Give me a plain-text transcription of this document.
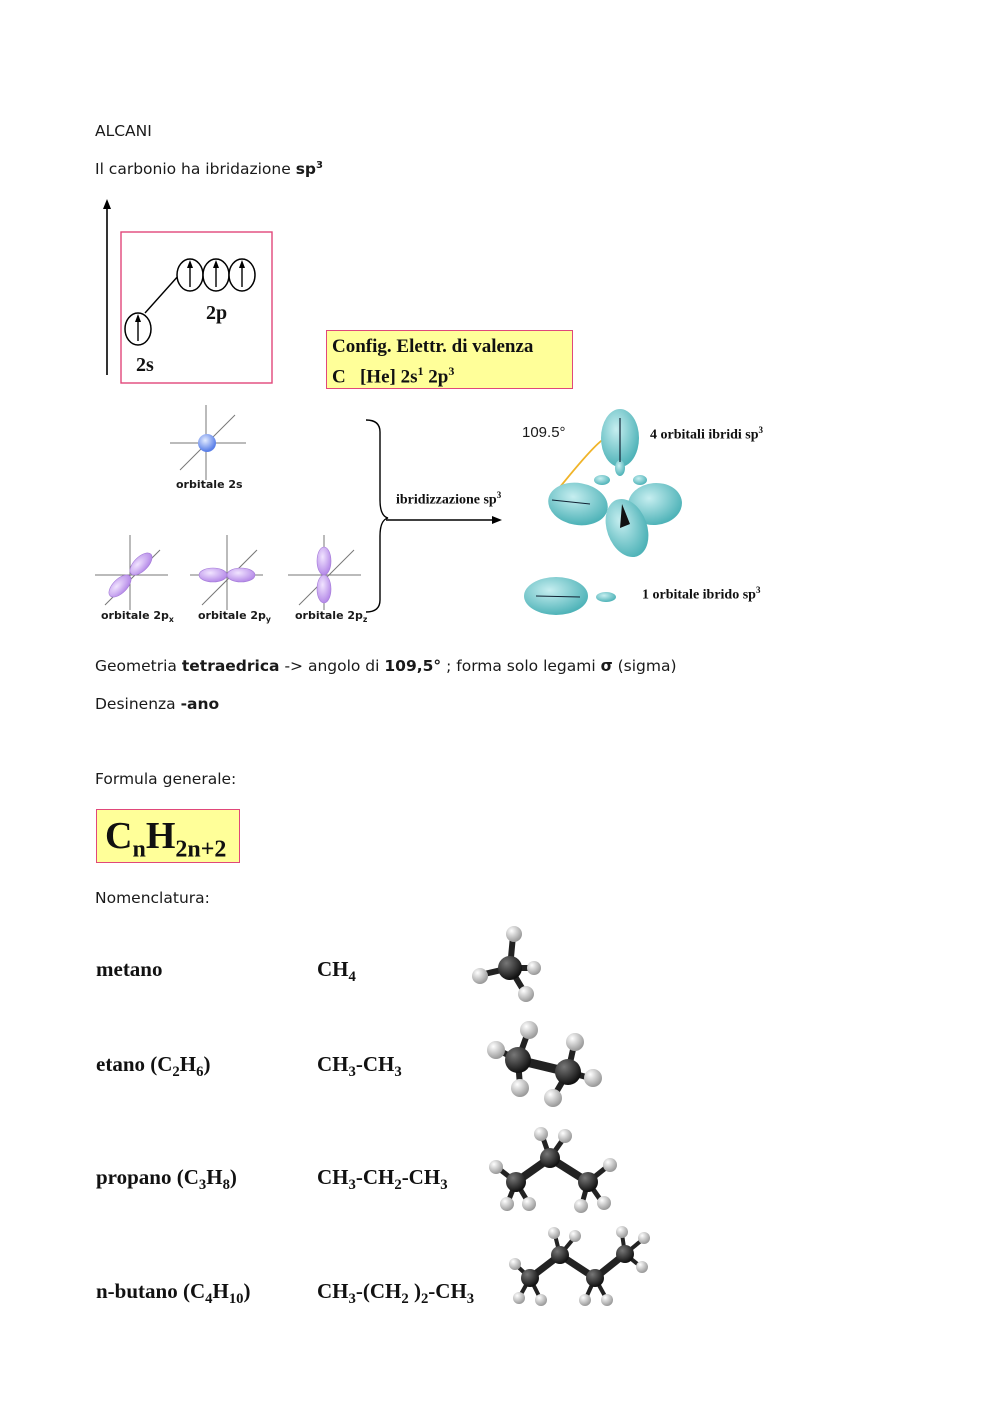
ALCANI
Il carbonio ha ibridazione $sp^3$
2p
2s
Config. Elettr. di valenza
C [He] $2s^1$ $2p^3$
orbitale 2s
orbitale $2p_x$ orbitale $2p_y$ orbitale $2p_z$
ibridizzazione $sp^3$
109.5°	4 orbitali ibridi $sp^3$
1 orbitale ibrido $sp^3$
Geometria tetraedrica -> angolo di 109,5° ; forma solo legami σ (sigma)
Desinenza -ano
Formula generale:
$C_nH_{2n+2}$
Nomenclatura:
metano	$CH_4$
etano $(C_2H_6)$	$CH_3-CH_3$
propano $(C_3H_8)$	$CH_3-CH_2-CH_3$
n-butano $(C_4H_{10})$	$CH_3-(CH_2$ )$_2-CH_3$
